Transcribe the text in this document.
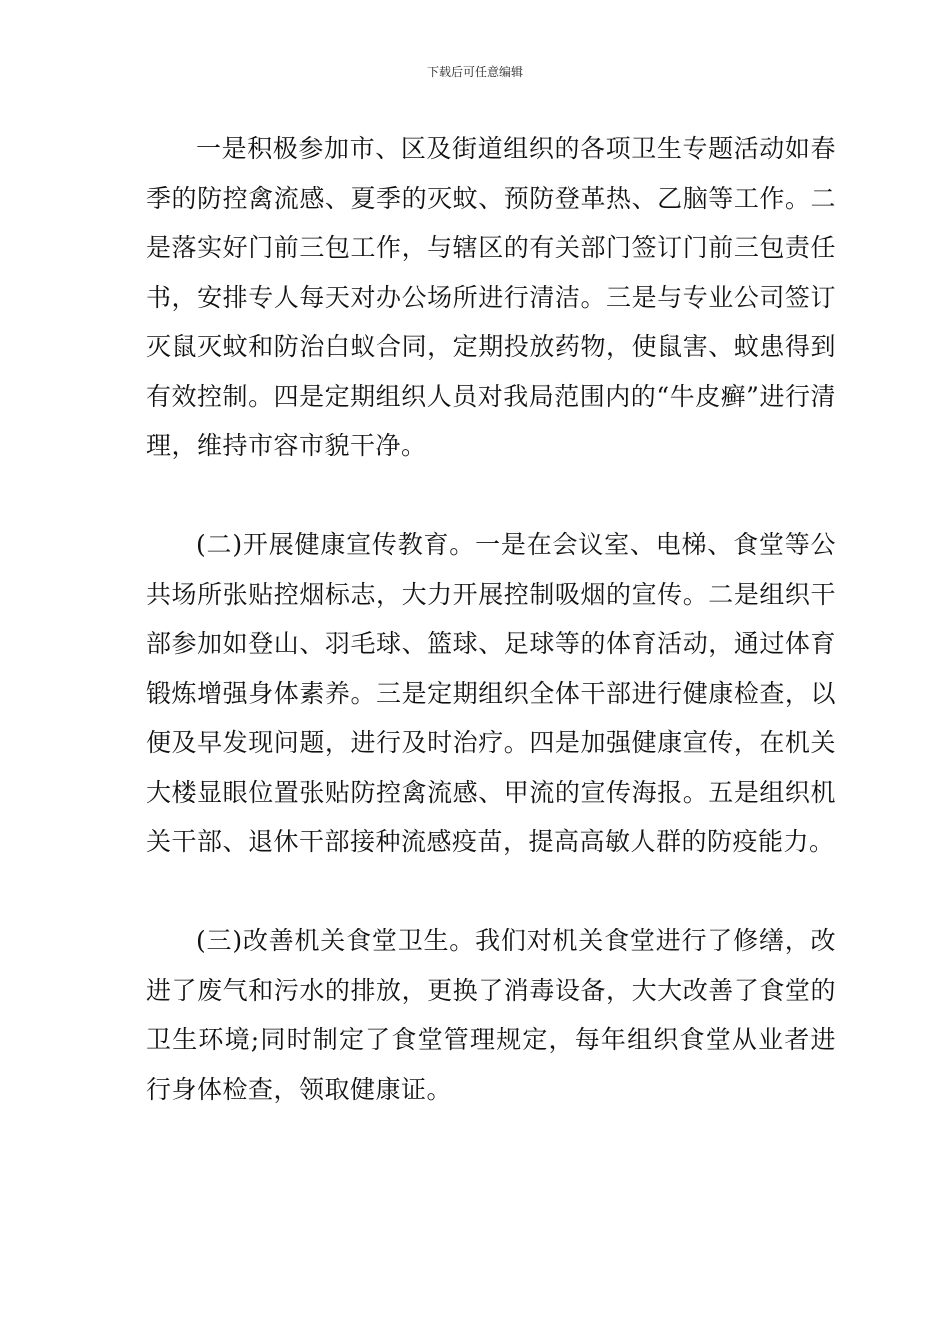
下载后可任意编辑

一是积极参加市、区及街道组织的各项卫生专题活动如春季的防控禽流感、夏季的灭蚊、预防登革热、乙脑等工作。二是落实好门前三包工作，与辖区的有关部门签订门前三包责任书，安排专人每天对办公场所进行清洁。三是与专业公司签订灭鼠灭蚊和防治白蚁合同，定期投放药物，使鼠害、蚊患得到有效控制。四是定期组织人员对我局范围内的“牛皮癣”进行清理，维持市容市貌干净。

(二)开展健康宣传教育。一是在会议室、电梯、食堂等公共场所张贴控烟标志，大力开展控制吸烟的宣传。二是组织干部参加如登山、羽毛球、篮球、足球等的体育活动，通过体育锻炼增强身体素养。三是定期组织全体干部进行健康检查，以便及早发现问题，进行及时治疗。四是加强健康宣传，在机关大楼显眼位置张贴防控禽流感、甲流的宣传海报。五是组织机关干部、退休干部接种流感疫苗，提高高敏人群的防疫能力。

(三)改善机关食堂卫生。我们对机关食堂进行了修缮，改进了废气和污水的排放，更换了消毒设备，大大改善了食堂的卫生环境;同时制定了食堂管理规定，每年组织食堂从业者进行身体检查，领取健康证。
